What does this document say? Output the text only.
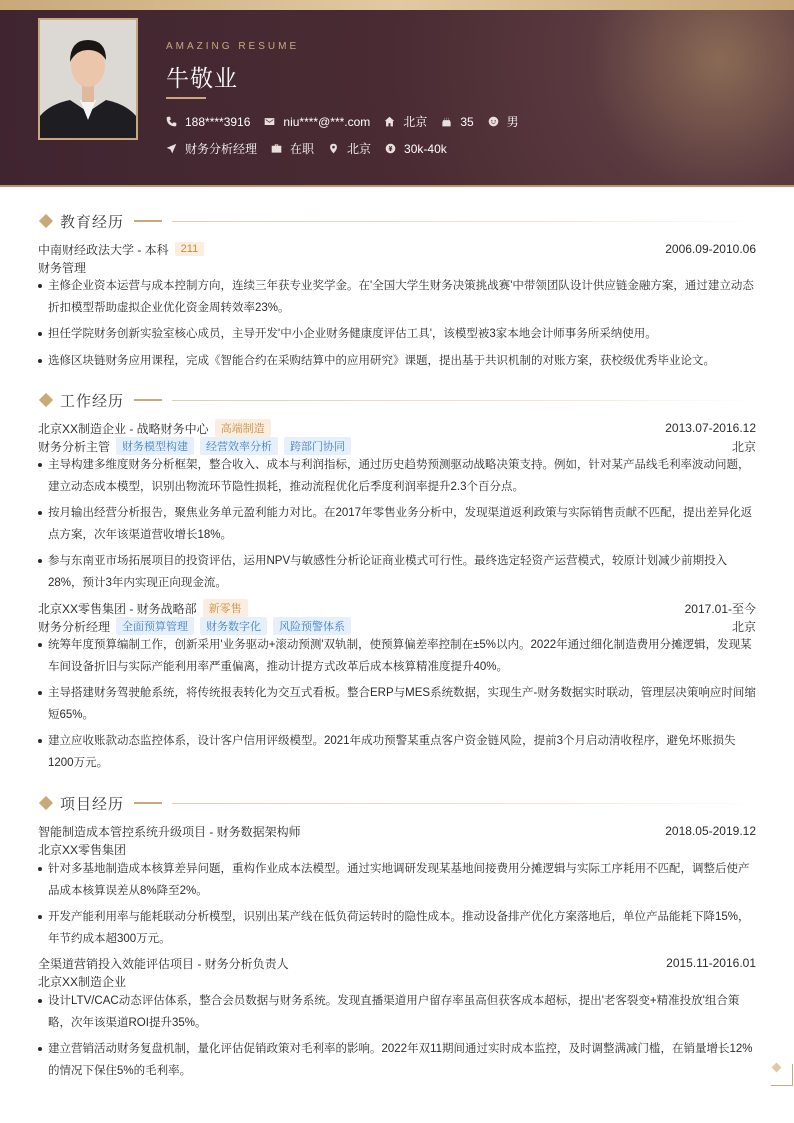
AMAZING RESUME
牛敬业
188****3916	niu****@***.com	北京	35	男
财务分析经理	在职	北京	30k-40k
教育经历
中南财经政法大学 - 本科	211	2006.09-2010.06
财务管理
主修企业资本运营与成本控制方向，连续三年获专业奖学金。在'全国大学生财务决策挑战赛'中带领团队设计供应链金融方案，通过建立动态折扣模型帮助虚拟企业优化资金周转效率23%。
担任学院财务创新实验室核心成员，主导开发'中小企业财务健康度评估工具'，该模型被3家本地会计师事务所采纳使用。
选修区块链财务应用课程，完成《智能合约在采购结算中的应用研究》课题，提出基于共识机制的对账方案，获校级优秀毕业论文。
工作经历
北京XX制造企业 - 战略财务中心	高端制造	2013.07-2016.12
财务分析主管	财务模型构建	经营效率分析	跨部门协同	北京
主导构建多维度财务分析框架，整合收入、成本与利润指标，通过历史趋势预测驱动战略决策支持。例如，针对某产品线毛利率波动问题，建立动态成本模型，识别出物流环节隐性损耗，推动流程优化后季度利润率提升2.3个百分点。
按月输出经营分析报告，聚焦业务单元盈利能力对比。在2017年零售业务分析中，发现渠道返利政策与实际销售贡献不匹配，提出差异化返点方案，次年该渠道营收增长18%。
参与东南亚市场拓展项目的投资评估，运用NPV与敏感性分析论证商业模式可行性。最终选定轻资产运营模式，较原计划减少前期投入28%，预计3年内实现正向现金流。
北京XX零售集团 - 财务战略部	新零售	2017.01-至今
财务分析经理	全面预算管理	财务数字化	风险预警体系	北京
统筹年度预算编制工作，创新采用'业务驱动+滚动预测'双轨制，使预算偏差率控制在±5%以内。2022年通过细化制造费用分摊逻辑，发现某车间设备折旧与实际产能利用率严重偏离，推动计提方式改革后成本核算精准度提升40%。
主导搭建财务驾驶舱系统，将传统报表转化为交互式看板。整合ERP与MES系统数据，实现生产-财务数据实时联动，管理层决策响应时间缩短65%。
建立应收账款动态监控体系，设计客户信用评级模型。2021年成功预警某重点客户资金链风险，提前3个月启动清收程序，避免坏账损失1200万元。
项目经历
智能制造成本管控系统升级项目 - 财务数据架构师	2018.05-2019.12
北京XX零售集团
针对多基地制造成本核算差异问题，重构作业成本法模型。通过实地调研发现某基地间接费用分摊逻辑与实际工序耗用不匹配，调整后使产品成本核算误差从8%降至2%。
开发产能利用率与能耗联动分析模型，识别出某产线在低负荷运转时的隐性成本。推动设备排产优化方案落地后，单位产品能耗下降15%，年节约成本超300万元。
全渠道营销投入效能评估项目 - 财务分析负责人	2015.11-2016.01
北京XX制造企业
设计LTV/CAC动态评估体系，整合会员数据与财务系统。发现直播渠道用户留存率虽高但获客成本超标，提出'老客裂变+精准投放'组合策略，次年该渠道ROI提升35%。
建立营销活动财务复盘机制，量化评估促销政策对毛利率的影响。2022年双11期间通过实时成本监控，及时调整满减门槛，在销量增长12%的情况下保住5%的毛利率。
